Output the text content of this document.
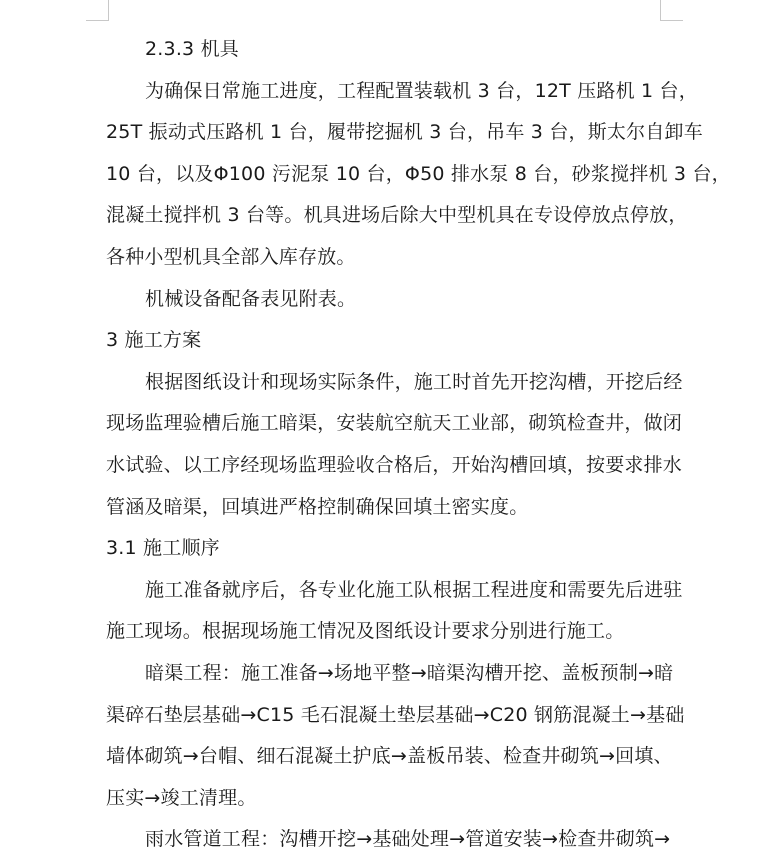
2.3.3 机具

为确保日常施工进度，工程配置装载机 3 台，12T 压路机 1 台，

25T 振动式压路机 1 台，履带挖掘机 3 台，吊车 3 台，斯太尔自卸车

10 台，以及Φ100 污泥泵 10 台，Φ50 排水泵 8 台，砂浆搅拌机 3 台，

混凝土搅拌机 3 台等。机具进场后除大中型机具在专设停放点停放，

各种小型机具全部入库存放。

机械设备配备表见附表。

3 施工方案

根据图纸设计和现场实际条件，施工时首先开挖沟槽，开挖后经

现场监理验槽后施工暗渠，安装航空航天工业部，砌筑检查井，做闭

水试验、以工序经现场监理验收合格后，开始沟槽回填，按要求排水

管涵及暗渠，回填进严格控制确保回填土密实度。

3.1 施工顺序

施工准备就序后，各专业化施工队根据工程进度和需要先后进驻

施工现场。根据现场施工情况及图纸设计要求分别进行施工。

暗渠工程：施工准备→场地平整→暗渠沟槽开挖、盖板预制→暗

渠碎石垫层基础→C15 毛石混凝土垫层基础→C20 钢筋混凝土→基础

墙体砌筑→台帽、细石混凝土护底→盖板吊装、检查井砌筑→回填、

压实→竣工清理。

雨水管道工程：沟槽开挖→基础处理→管道安装→检查井砌筑→
